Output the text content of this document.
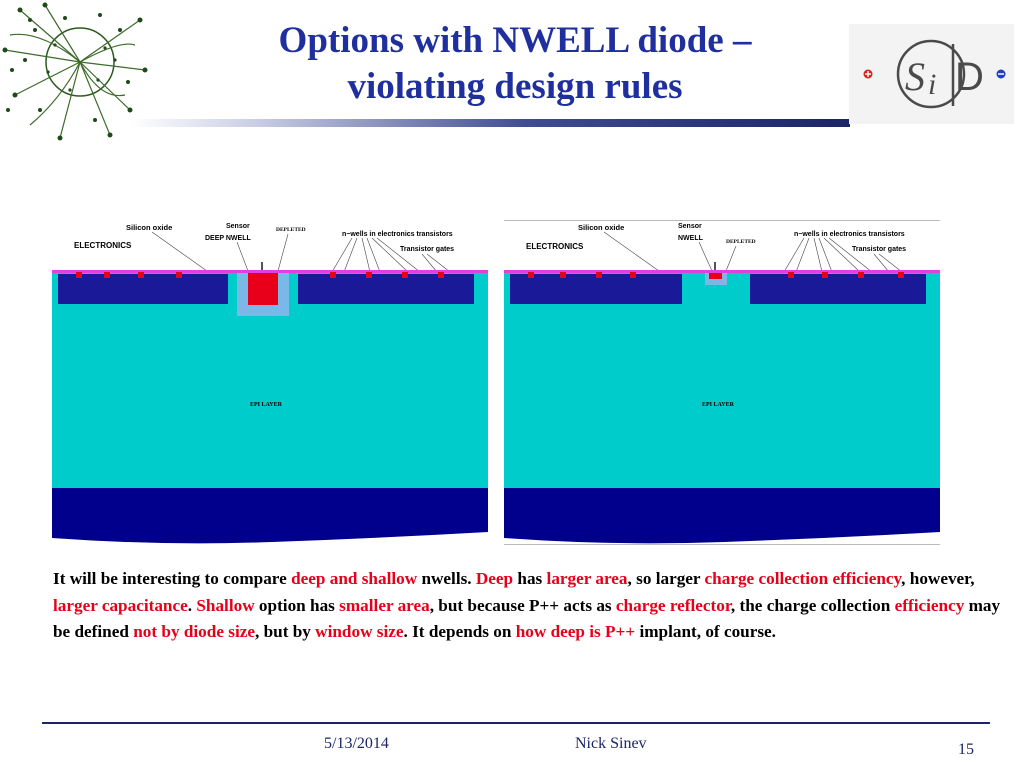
Options with NWELL diode –
violating design rules	S i D
Silicon oxide
ELECTRONICS
Sensor
DEEP NWELL
DEPLETED
n−wells in electronics transistors
Transistor gates
EPI LAYER
Silicon oxide
ELECTRONICS
Sensor
NWELL	DEPLETED
n−wells in electronics transistors
Transistor gates
EPI LAYER
It will be interesting to compare deep and shallow nwells. Deep has larger area, so larger charge collection efficiency, however, larger capacitance. Shallow option has smaller area, but because P++ acts as charge reflector, the charge collection efficiency may be defined not by diode size, but by window size. It depends on how deep is P++ implant, of course.
5/13/2014	Nick Sinev	15
